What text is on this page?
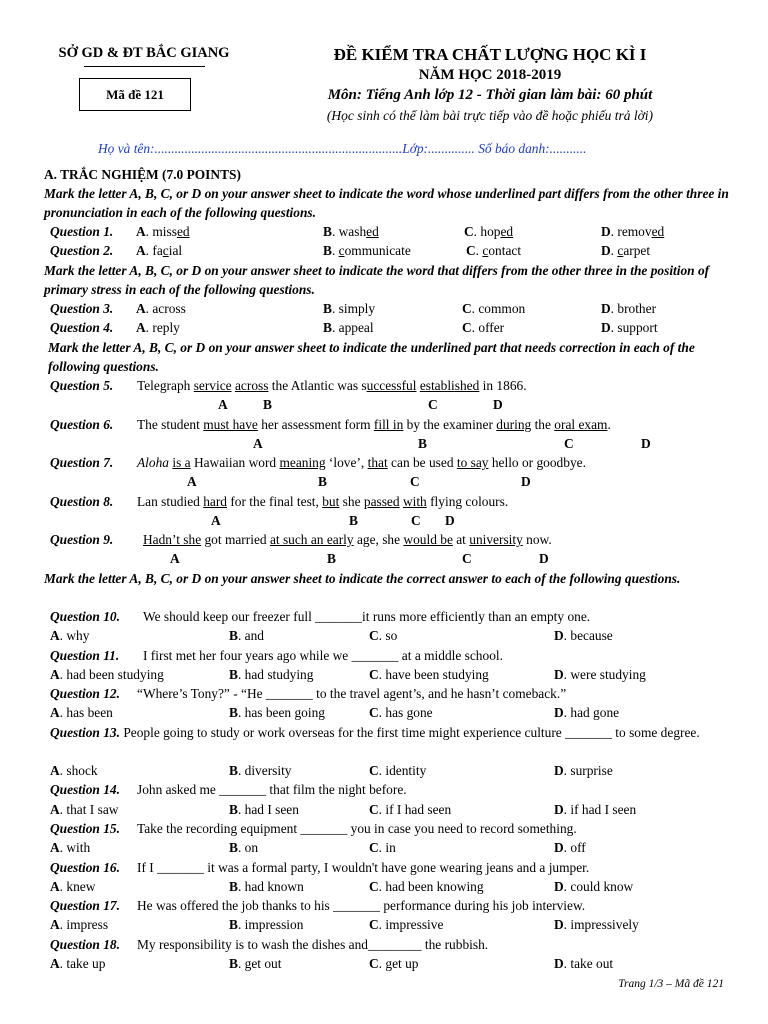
SỞ GD & ĐT BẮC GIANG
Mã đề 121
ĐỀ KIỂM TRA CHẤT LƯỢNG HỌC KÌ I
NĂM HỌC 2018-2019
Môn: Tiếng Anh lớp 12 - Thời gian làm bài: 60 phút
(Học sinh có thể làm bài trực tiếp vào đề hoặc phiếu trả lời)
Họ và tên:..........................................................................Lớp:.............. Số báo danh:...........
A. TRẮC NGHIỆM (7.0 POINTS)
Mark the letter A, B, C, or D on your answer sheet to indicate the word whose underlined part differs from the other three in pronunciation in each of the following questions.
Question 1. A. missed	B. washed	C. hoped	D. removed
Question 2. A. facial	B. communicate	C. contact	D. carpet
Mark the letter A, B, C, or D on your answer sheet to indicate the word that differs from the other three in the position of primary stress in each of the following questions.
Question 3. A. across	B. simply	C. common	D. brother
Question 4. A. reply	B. appeal	C. offer	D. support
Mark the letter A, B, C, or D on your answer sheet to indicate the underlined part that needs correction in each of the following questions.
Question 5. Telegraph service across the Atlantic was successful established in 1866.
A	B	C	D
Question 6. The student must have her assessment form fill in by the examiner during the oral exam.
A	B	C	D
Question 7. Aloha is a Hawaiian word meaning ‘love’, that can be used to say hello or goodbye.
A	B	C	D
Question 8. Lan studied hard for the final test, but she passed with flying colours.
A	B	C D
Question 9. Hadn’t she got married at such an early age, she would be at university now.
A	B	C	D
Mark the letter A, B, C, or D on your answer sheet to indicate the correct answer to each of the following questions.
Question 10. We should keep our freezer full _______it runs more efficiently than an empty one.
A. why	B. and	C. so	D. because
Question 11. I first met her four years ago while we _______ at a middle school.
A. had been studying	B. had studying	C. have been studying	D. were studying
Question 12. “Where’s Tony?” - “He _______ to the travel agent’s, and he hasn’t comeback.”
A. has been	B. has been going	C. has gone	D. had gone
Question 13. People going to study or work overseas for the first time might experience culture _______ to some degree.
A. shock	B. diversity	C. identity	D. surprise
Question 14. John asked me _______ that film the night before.
A. that I saw	B. had I seen	C. if I had seen	D. if had I seen
Question 15. Take the recording equipment _______ you in case you need to record something.
A. with	B. on	C. in	D. off
Question 16. If I _______ it was a formal party, I wouldn't have gone wearing jeans and a jumper.
A. knew	B. had known	C. had been knowing	D. could know
Question 17. He was offered the job thanks to his _______ performance during his job interview.
A. impress	B. impression	C. impressive	D. impressively
Question 18. My responsibility is to wash the dishes and________ the rubbish.
A. take up	B. get out	C. get up	D. take out
Trang 1/3 – Mã đề 121
